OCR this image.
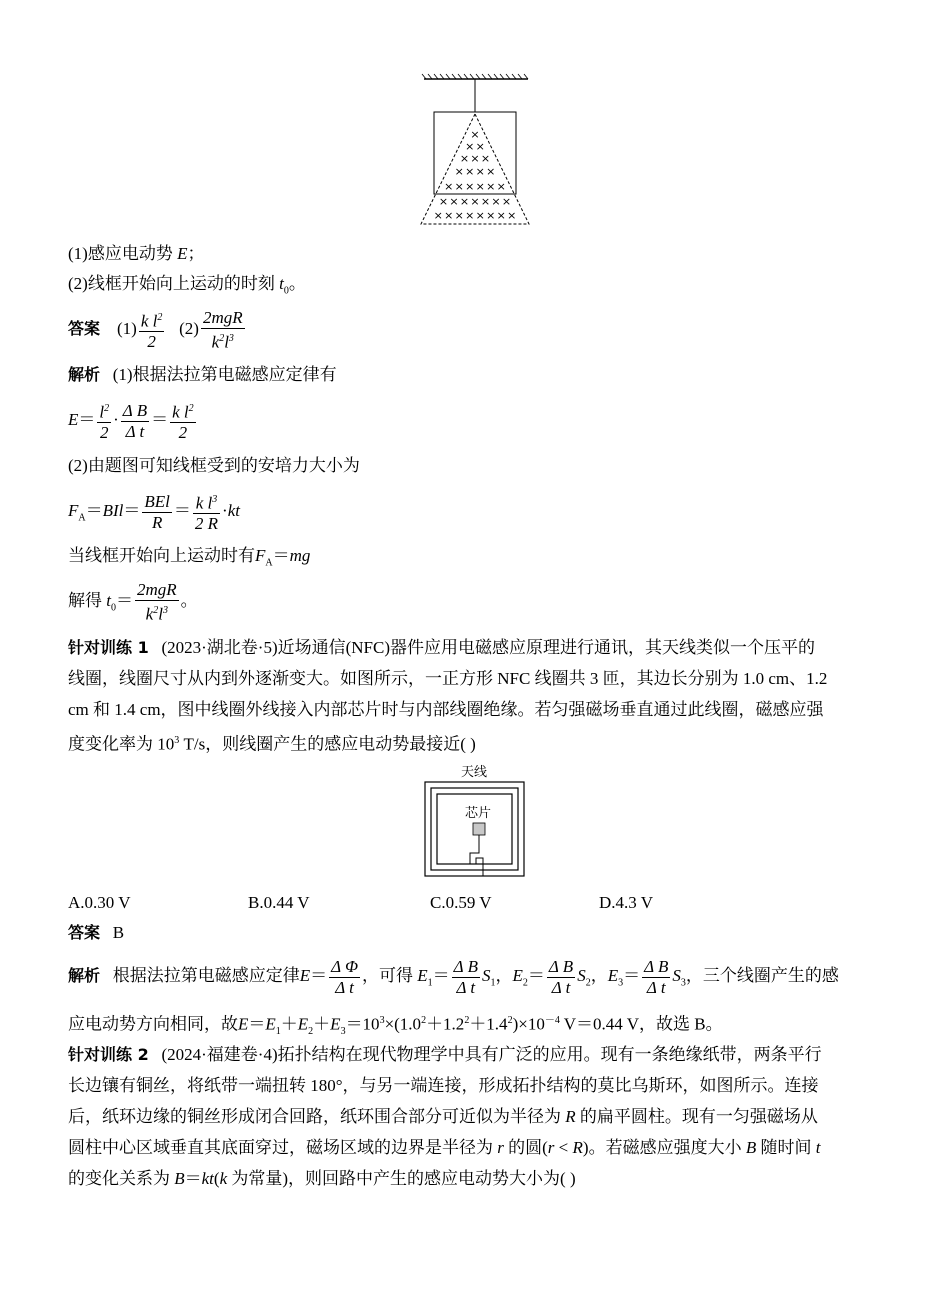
×
× ×
× × ×
× × × ×
× × × × × ×
× × × × × × ×
× × × × × × × ×
(1)感应电动势 E；
(2)线框开始向上运动的时刻 $t_0$。
答案 $(1) \frac{k l^2}{2} (2) \frac{\text{2mgR}}{k^2l^3}$
解析 (1)根据法拉第电磁感应定律有
$E= \frac{l^2}{2} \cdot \frac{\text{Δ B}}{\text{Δ t}} = \frac{k l^2}{2}$
(2)由题图可知线框受到的安培力大小为
$F_A=BIl= \frac{\text{BEl}}{R} = \frac{k l^3}{2 R} \cdot kt$
当线框开始向上运动时有$F_A=mg$
解得 $t_0= \frac{\text{2mgR}}{k^2l^3}$ 。
针对训练 1 (2023·湖北卷·5)近场通信(NFC)器件应用电磁感应原理进行通讯，其天线类似一个压平的
线圈，线圈尺寸从内到外逐渐变大。如图所示，一正方形 NFC 线圈共 3 匝，其边长分别为 1.0 cm、1.2
cm 和 1.4 cm，图中线圈外线接入内部芯片时与内部线圈绝缘。若匀强磁场垂直通过此线圈，磁感应强
度变化率为 $10^3$ T/s，则线圈产生的感应电动势最接近( )
天线
芯片
A.0.30 V	B.0.44 V	C.0.59 V	D.4.3 V
答案 B
解析 根据法拉第电磁感应定律$E= \frac{\text{Δ Φ}}{\text{Δ t}}$ ，可得 $E_1= \frac{\text{Δ B}}{\text{Δ t}} S_1$，$E_2= \frac{\text{Δ B}}{\text{Δ t}} S_2$，$E_3= \frac{\text{Δ B}}{\text{Δ t}} S_3$，三个线圈产生的感
应电动势方向相同，故$E=E_1+E_2+E_3=10^3\times(1.0^2+1.2^2+1.4^2)\times 10^{-4}$ V＝0.44 V，故选 B。
针对训练 2 (2024·福建卷·4)拓扑结构在现代物理学中具有广泛的应用。现有一条绝缘纸带，两条平行
长边镶有铜丝，将纸带一端扭转 180°，与另一端连接，形成拓扑结构的莫比乌斯环，如图所示。连接
后，纸环边缘的铜丝形成闭合回路，纸环围合部分可近似为半径为 R 的扁平圆柱。现有一匀强磁场从
圆柱中心区域垂直其底面穿过，磁场区域的边界是半径为 r 的圆(r < R)。若磁感应强度大小 B 随时间 t
的变化关系为 B＝kt(k 为常量)，则回路中产生的感应电动势大小为( )
